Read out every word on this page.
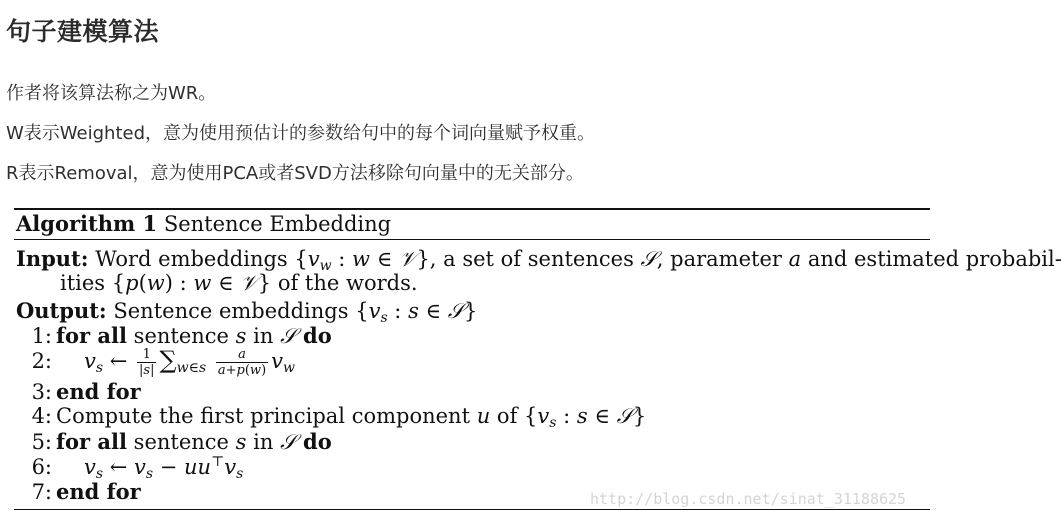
句子建模算法

作者将该算法称之为WR。

W表示Weighted，意为使用预估计的参数给句中的每个词向量赋予权重。

R表示Removal，意为使用PCA或者SVD方法移除句向量中的无关部分。

Algorithm 1 Sentence Embedding
Input: Word embeddings {$v_w$ : w ∈ 𝒱}, a set of sentences 𝒮, parameter a and estimated probabil-
ities {p(w) : w ∈ 𝒱} of the words.
Output: Sentence embeddings {$v_s$ : s ∈ 𝒮}
1: for all sentence s in 𝒮 do
2: $v_s$ ← $\frac{1}{|s|} \sum_{w\in s} \frac{a}{a+p(w)} v_w$
3: end for
4: Compute the first principal component u of {$v_s$ : s ∈ 𝒮}
5: for all sentence s in 𝒮 do
6: $v_s$ ← $v_s - uu^⊤v_s$
7: end for	http://blog.csdn.net/sinat_31188625
